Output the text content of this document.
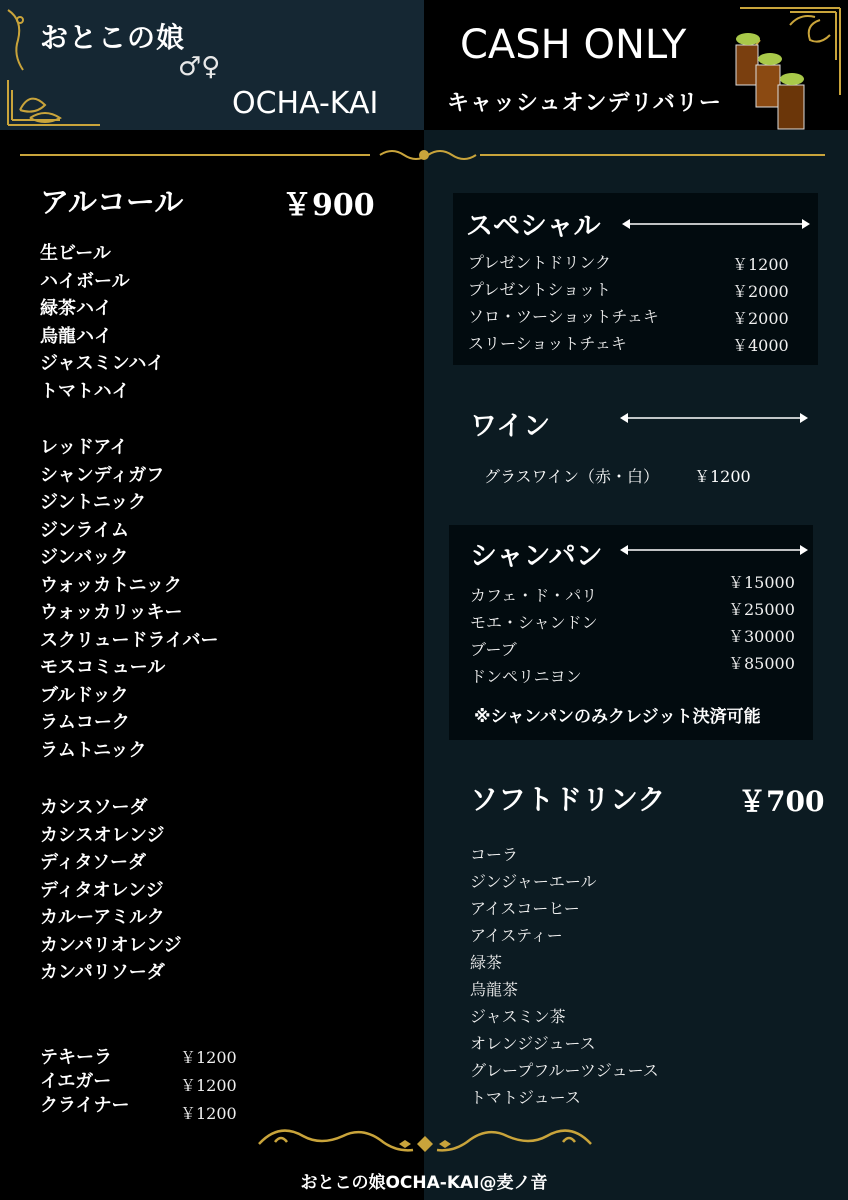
おとこの娘
♂♀
OCHA-KAI
CASH ONLY
キャッシュオンデリバリー
アルコール	￥900
生ビール
ハイボール
緑茶ハイ
烏龍ハイ
ジャスミンハイ
トマトハイ
レッドアイ
シャンディガフ
ジントニック
ジンライム
ジンバック
ウォッカトニック
ウォッカリッキー
スクリュードライバー
モスコミュール
ブルドック
ラムコーク
ラムトニック
カシスソーダ
カシスオレンジ
ディタソーダ
ディタオレンジ
カルーアミルク
カンパリオレンジ
カンパリソーダ
テキーラ
イエガー
クライナー
￥1200
￥1200
￥1200
スペシャル
プレゼントドリンク
プレゼントショット
ソロ・ツーショットチェキ
スリーショットチェキ
￥1200
￥2000
￥2000
￥4000
ワイン
グラスワイン（赤・白） ￥1200
シャンパン
カフェ・ド・パリ
モエ・シャンドン
ブーブ
ドンペリニヨン
￥15000
￥25000
￥30000
￥85000
※シャンパンのみクレジット決済可能
ソフトドリンク	￥700
コーラ
ジンジャーエール
アイスコーヒー
アイスティー
緑茶
烏龍茶
ジャスミン茶
オレンジジュース
グレープフルーツジュース
トマトジュース
おとこの娘OCHA-KAI@麦ノ音
